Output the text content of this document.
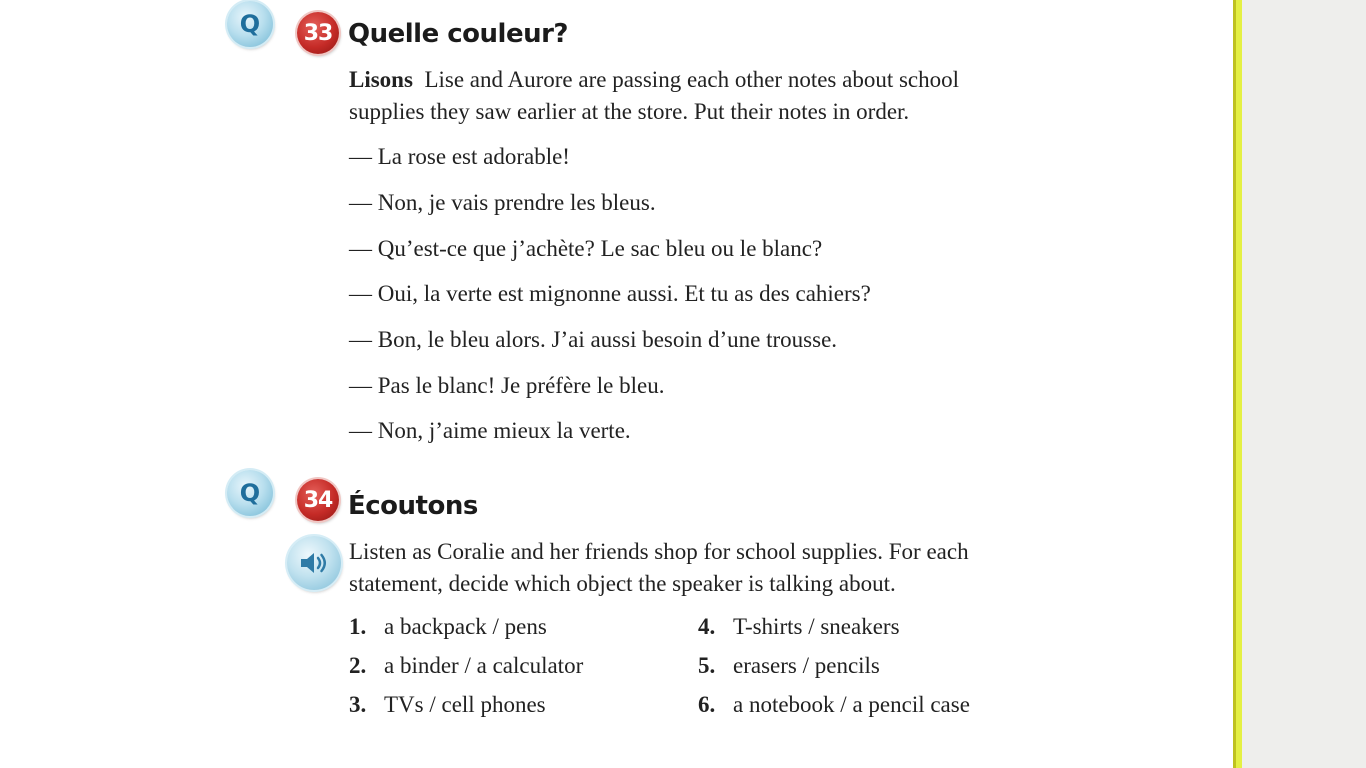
Q	33 Quelle couleur?
Lisons Lise and Aurore are passing each other notes about school
supplies they saw earlier at the store. Put their notes in order.
— La rose est adorable!
— Non, je vais prendre les bleus.
— Qu’est-ce que j’achète? Le sac bleu ou le blanc?
— Oui, la verte est mignonne aussi. Et tu as des cahiers?
— Bon, le bleu alors. J’ai aussi besoin d’une trousse.
— Pas le blanc! Je préfère le bleu.
— Non, j’aime mieux la verte.
Q	34 Écoutons
Listen as Coralie and her friends shop for school supplies. For each
statement, decide which object the speaker is talking about.
1. a backpack / pens
2. a binder / a calculator
3. TVs / cell phones
4. T-shirts / sneakers
5. erasers / pencils
6. a notebook / a pencil case
